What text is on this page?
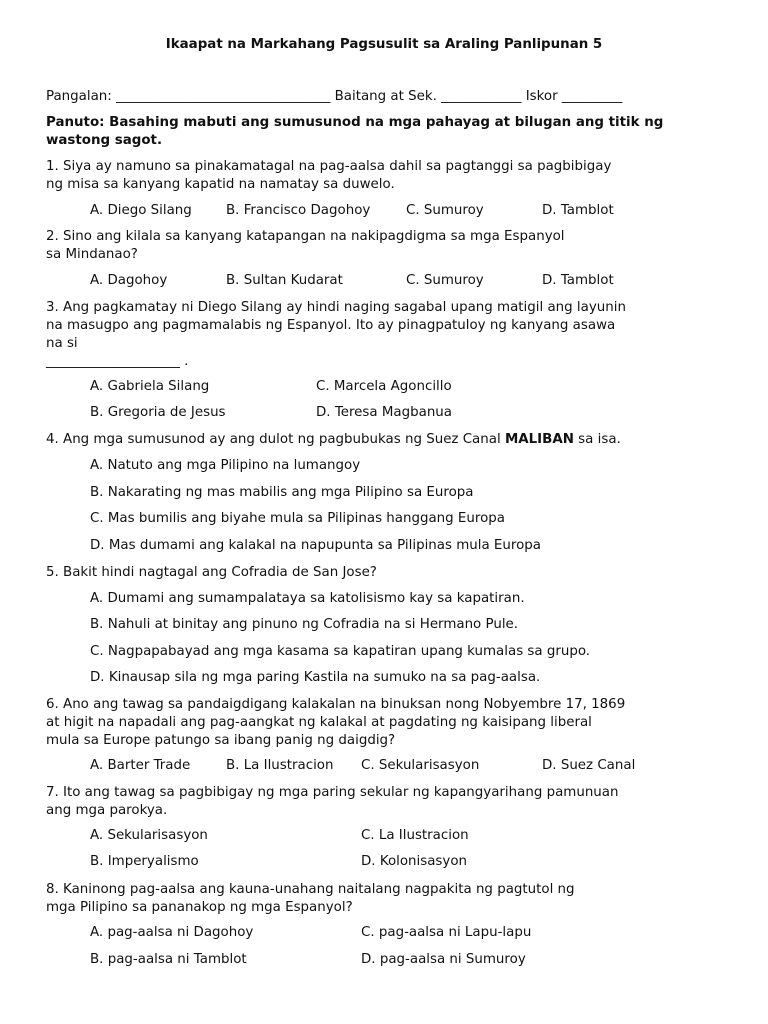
Ikaapat na Markahang Pagsusulit sa Araling Panlipunan 5
Pangalan: ________________________________ Baitang at Sek. ____________ Iskor _________
Panuto: Basahing mabuti ang sumusunod na mga pahayag at bilugan ang titik ng wastong sagot.
1. Siya ay namuno sa pinakamatagal na pag-aalsa dahil sa pagtanggi sa pagbibigay
ng misa sa kanyang kapatid na namatay sa duwelo.
A. Diego Silang	B. Francisco Dagohoy	C. Sumuroy	D. Tamblot
2. Sino ang kilala sa kanyang katapangan na nakipagdigma sa mga Espanyol
sa Mindanao?
A. Dagohoy	B. Sultan Kudarat	C. Sumuroy	D. Tamblot
3. Ang pagkamatay ni Diego Silang ay hindi naging sagabal upang matigil ang layunin
na masugpo ang pagmamalabis ng Espanyol. Ito ay pinagpatuloy ng kanyang asawa
na si
____________________ .
A. Gabriela Silang	C. Marcela Agoncillo
B. Gregoria de Jesus	D. Teresa Magbanua
4. Ang mga sumusunod ay ang dulot ng pagbubukas ng Suez Canal MALIBAN sa isa.
A. Natuto ang mga Pilipino na lumangoy
B. Nakarating ng mas mabilis ang mga Pilipino sa Europa
C. Mas bumilis ang biyahe mula sa Pilipinas hanggang Europa
D. Mas dumami ang kalakal na napupunta sa Pilipinas mula Europa
5. Bakit hindi nagtagal ang Cofradia de San Jose?
A. Dumami ang sumampalataya sa katolisismo kay sa kapatiran.
B. Nahuli at binitay ang pinuno ng Cofradia na si Hermano Pule.
C. Nagpapabayad ang mga kasama sa kapatiran upang kumalas sa grupo.
D. Kinausap sila ng mga paring Kastila na sumuko na sa pag-aalsa.
6. Ano ang tawag sa pandaigdigang kalakalan na binuksan nong Nobyembre 17, 1869
at higit na napadali ang pag-aangkat ng kalakal at pagdating ng kaisipang liberal
mula sa Europe patungo sa ibang panig ng daigdig?
A. Barter Trade	B. La Ilustracion C. Sekularisasyon	D. Suez Canal
7. Ito ang tawag sa pagbibigay ng mga paring sekular ng kapangyarihang pamunuan
ang mga parokya.
A. Sekularisasyon	C. La Ilustracion
B. Imperyalismo	D. Kolonisasyon
8. Kaninong pag-aalsa ang kauna-unahang naitalang nagpakita ng pagtutol ng
mga Pilipino sa pananakop ng mga Espanyol?
A. pag-aalsa ni Dagohoy	C. pag-aalsa ni Lapu-lapu
B. pag-aalsa ni Tamblot	D. pag-aalsa ni Sumuroy
